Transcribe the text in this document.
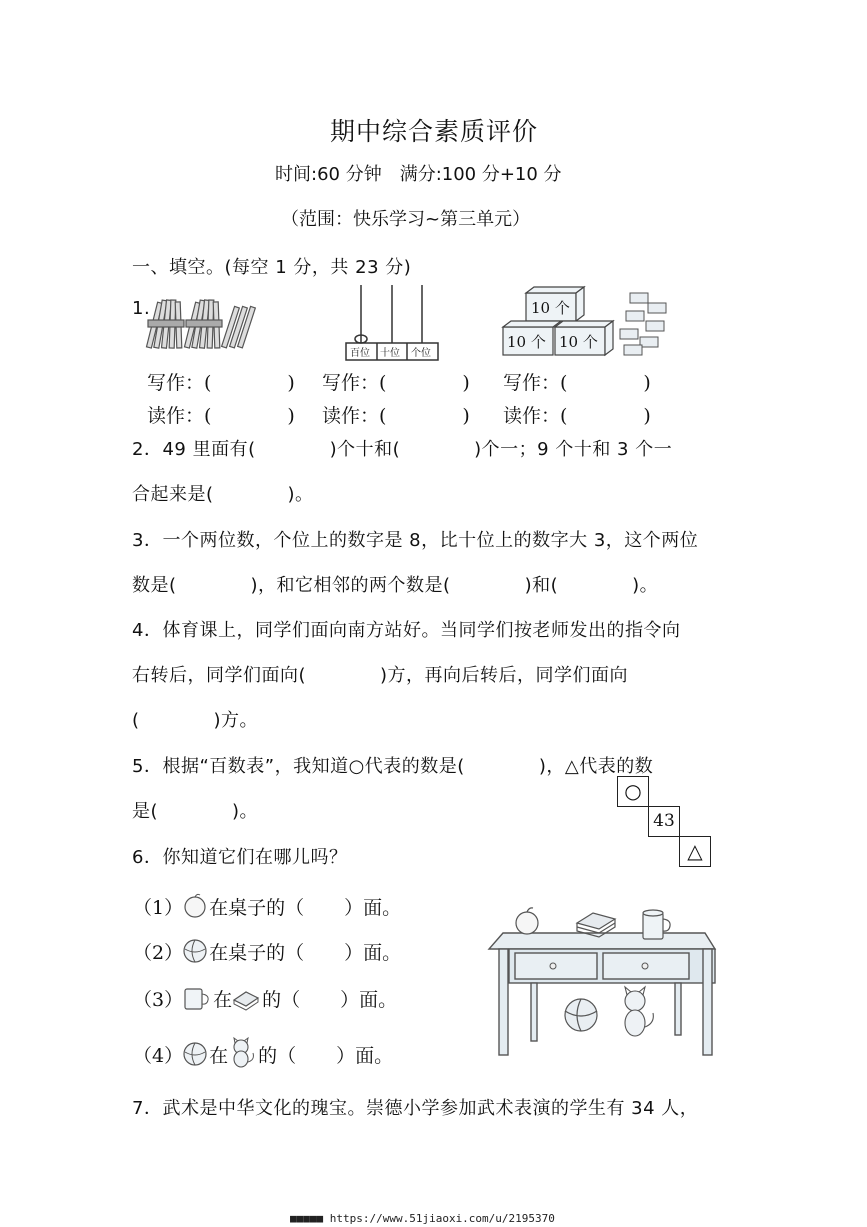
期中综合素质评价
时间:60 分钟　满分:100 分+10 分
（范围：快乐学习~第三单元）
一、填空。(每空 1 分，共 23 分)
1.
百位 十位 个位
10 个
10 个 10 个
写作：(　　　　) 写作：(　　　　) 写作：(　　　　)
读作：(　　　　) 读作：(　　　　) 读作：(　　　　)
2．49 里面有(　　　　)个十和(　　　　)个一；9 个十和 3 个一
合起来是(　　　　)。
3．一个两位数，个位上的数字是 8，比十位上的数字大 3，这个两位
数是(　　　　)，和它相邻的两个数是(　　　　)和(　　　　)。
4．体育课上，同学们面向南方站好。当同学们按老师发出的指令向
右转后，同学们面向(　　　　)方，再向后转后，同学们面向
(　　　　)方。
5．根据“百数表”，我知道○代表的数是(　　　　)，△代表的数
是(　　　　)。
○
43
△
6．你知道它们在哪儿吗？
（1） 在桌子的（ ）面。
（2） 在桌子的（ ）面。
（3） 在 的（ ）面。
（4） 在 的（ ）面。
7．武术是中华文化的瑰宝。崇德小学参加武术表演的学生有 34 人，
■■■■■ https://www.51jiaoxi.com/u/2195370
